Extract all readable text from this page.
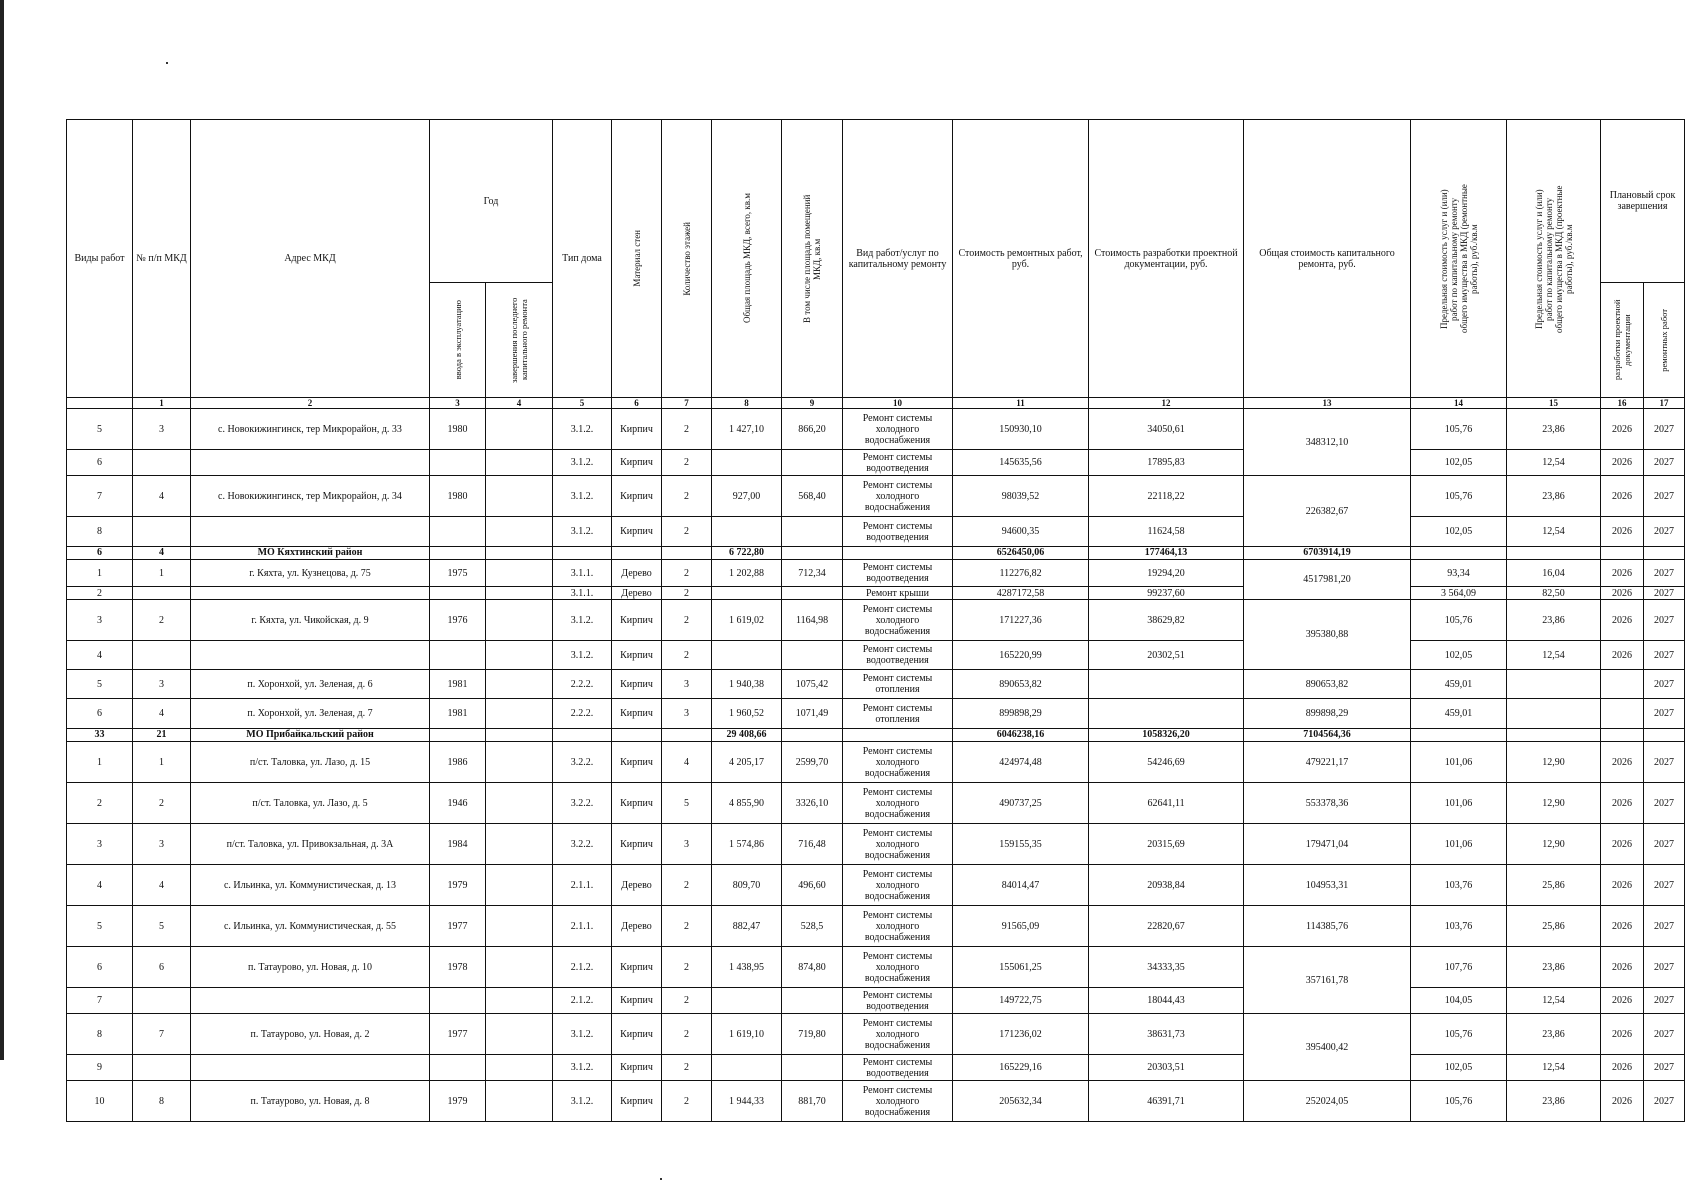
Виды работ	№ п/п МКД	Адрес МКД	Год		Тип дома	Материал стен	Количество этажей	Общая площадь МКД, всего, кв.м	В том числе площадь помещений МКД, кв.м	Вид работ/услуг по капитальному ремонту	Стоимость ремонтных работ, руб.	Стоимость разработки проектной документации, руб.	Общая стоимость капитального ремонта, руб.	Предельная стоимость услуг и (или) работ по капитальному ремонту общего имущества в МКД (ремонтные работы), руб./кв.м	Предельная стоимость услуг и (или) работ по капитальному ремонту общего имущества в МКД (проектные работы), руб./кв.м	Плановый срок завершения	

			ввода в эксплуатацию	завершения последнего капитального ремонта												разработки проектной документации	ремонтных работ

	1	2	3	4	5	6	7	8	9	10	11	12	13	14	15	16	17
5	3	с. Новокижингинск, тер Микрорайон, д. 33	1980		3.1.2.	Кирпич	2	1 427,10	866,20	Ремонт системы холодного водоснабжения	150930,10	34050,61	348312,10	105,76	23,86	2026	2027
6					3.1.2.	Кирпич	2			Ремонт системы водоотведения	145635,56	17895,83		102,05	12,54	2026	2027
7	4	с. Новокижингинск, тер Микрорайон, д. 34	1980		3.1.2.	Кирпич	2	927,00	568,40	Ремонт системы холодного водоснабжения	98039,52	22118,22	226382,67	105,76	23,86	2026	2027
8					3.1.2.	Кирпич	2			Ремонт системы водоотведения	94600,35	11624,58		102,05	12,54	2026	2027
6	4	МО Кяхтинский район						6 722,80			6526450,06	177464,13	6703914,19				
1	1	г. Кяхта, ул. Кузнецова, д. 75	1975		3.1.1.	Дерево	2	1 202,88	712,34	Ремонт системы водоотведения	112276,82	19294,20	4517981,20	93,34	16,04	2026	2027
2					3.1.1.	Дерево	2			Ремонт крыши	4287172,58	99237,60		3 564,09	82,50	2026	2027
3	2	г. Кяхта, ул. Чикойская, д. 9	1976		3.1.2.	Кирпич	2	1 619,02	1164,98	Ремонт системы холодного водоснабжения	171227,36	38629,82	395380,88	105,76	23,86	2026	2027
4					3.1.2.	Кирпич	2			Ремонт системы водоотведения	165220,99	20302,51		102,05	12,54	2026	2027
5	3	п. Хоронхой, ул. Зеленая, д. 6	1981		2.2.2.	Кирпич	3	1 940,38	1075,42	Ремонт системы отопления	890653,82		890653,82	459,01			2027
6	4	п. Хоронхой, ул. Зеленая, д. 7	1981		2.2.2.	Кирпич	3	1 960,52	1071,49	Ремонт системы отопления	899898,29		899898,29	459,01			2027
33	21	МО Прибайкальский район						29 408,66			6046238,16	1058326,20	7104564,36				
1	1	п/ст. Таловка, ул. Лазо, д. 15	1986		3.2.2.	Кирпич	4	4 205,17	2599,70	Ремонт системы холодного водоснабжения	424974,48	54246,69	479221,17	101,06	12,90	2026	2027
2	2	п/ст. Таловка, ул. Лазо, д. 5	1946		3.2.2.	Кирпич	5	4 855,90	3326,10	Ремонт системы холодного водоснабжения	490737,25	62641,11	553378,36	101,06	12,90	2026	2027
3	3	п/ст. Таловка, ул. Привокзальная, д. 3А	1984		3.2.2.	Кирпич	3	1 574,86	716,48	Ремонт системы холодного водоснабжения	159155,35	20315,69	179471,04	101,06	12,90	2026	2027
4	4	с. Ильинка, ул. Коммунистическая, д. 13	1979		2.1.1.	Дерево	2	809,70	496,60	Ремонт системы холодного водоснабжения	84014,47	20938,84	104953,31	103,76	25,86	2026	2027
5	5	с. Ильинка, ул. Коммунистическая, д. 55	1977		2.1.1.	Дерево	2	882,47	528,5	Ремонт системы холодного водоснабжения	91565,09	22820,67	114385,76	103,76	25,86	2026	2027
6	6	п. Татаурово, ул. Новая, д. 10	1978		2.1.2.	Кирпич	2	1 438,95	874,80	Ремонт системы холодного водоснабжения	155061,25	34333,35	357161,78	107,76	23,86	2026	2027
7					2.1.2.	Кирпич	2			Ремонт системы водоотведения	149722,75	18044,43		104,05	12,54	2026	2027
8	7	п. Татаурово, ул. Новая, д. 2	1977		3.1.2.	Кирпич	2	1 619,10	719,80	Ремонт системы холодного водоснабжения	171236,02	38631,73	395400,42	105,76	23,86	2026	2027
9					3.1.2.	Кирпич	2			Ремонт системы водоотведения	165229,16	20303,51		102,05	12,54	2026	2027
10	8	п. Татаурово, ул. Новая, д. 8	1979		3.1.2.	Кирпич	2	1 944,33	881,70	Ремонт системы холодного водоснабжения	205632,34	46391,71	252024,05	105,76	23,86	2026	2027
